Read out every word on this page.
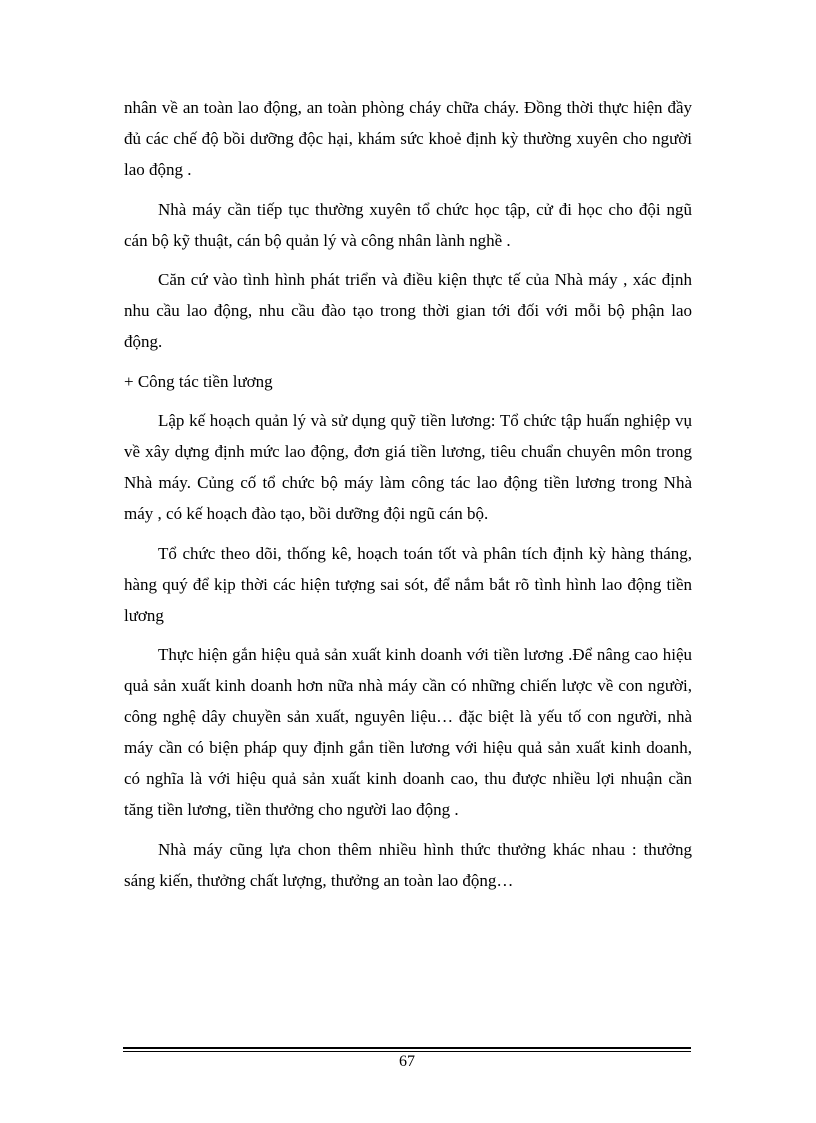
nhân về an toàn lao động, an toàn phòng cháy chữa cháy. Đồng thời thực hiện đầy đủ các chế độ bồi dưỡng độc hại, khám sức khoẻ định kỳ thường xuyên cho người lao động .

Nhà máy cần tiếp tục thường xuyên tổ chức học tập, cử đi học cho đội ngũ cán bộ kỹ thuật, cán bộ quản lý và công nhân lành nghề .

Căn cứ vào tình hình phát triển và điều kiện thực tế của Nhà máy , xác định nhu cầu lao động, nhu cầu đào tạo trong thời gian tới đối với mỗi bộ phận lao động.

+ Công tác tiền lương

Lập kế hoạch quản lý và sử dụng quỹ tiền lương: Tổ chức tập huấn nghiệp vụ về xây dựng định mức lao động, đơn giá tiền lương, tiêu chuẩn chuyên môn trong Nhà máy. Củng cố tổ chức bộ máy làm công tác lao động tiền lương trong Nhà máy , có kế hoạch đào tạo, bồi dưỡng đội ngũ cán bộ.

Tổ chức theo dõi, thống kê, hoạch toán tốt và phân tích định kỳ hàng tháng, hàng quý để kịp thời các hiện tượng sai sót, để nắm bắt rõ tình hình lao động tiền lương

Thực hiện gắn hiệu quả sản xuất kinh doanh với tiền lương .Để nâng cao hiệu quả sản xuất kinh doanh hơn nữa nhà máy cần có những chiến lược về con người, công nghệ dây chuyền sản xuất, nguyên liệu… đặc biệt là yếu tố con người, nhà máy cần có biện pháp quy định gắn tiền lương với hiệu quả sản xuất kinh doanh, có nghĩa là với hiệu quả sản xuất kinh doanh cao, thu được nhiều lợi nhuận cần tăng tiền lương, tiền thưởng cho người lao động .

Nhà máy cũng lựa chon thêm nhiều hình thức thưởng khác nhau : thưởng sáng kiến, thưởng chất lượng, thưởng an toàn lao động…

67
